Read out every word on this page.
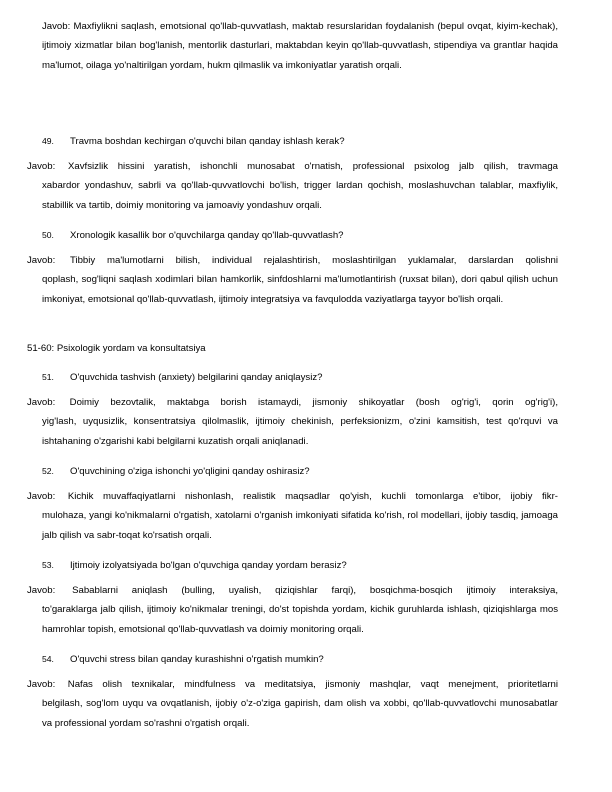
Javob: Maxfiylikni saqlash, emotsional qo'llab-quvvatlash, maktab resurslaridan foydalanish (bepul ovqat, kiyim-kechak), ijtimoiy xizmatlar bilan bog'lanish, mentorlik dasturlari, maktabdan keyin qo'llab-quvvatlash, stipendiya va grantlar haqida ma'lumot, oilaga yo'naltirilgan yordam, hukm qilmaslik va imkoniyatlar yaratish orqali.
49. Travma boshdan kechirgan o'quvchi bilan qanday ishlash kerak?
Javob: Xavfsizlik hissini yaratish, ishonchli munosabat o'rnatish, professional psixolog jalb qilish, travmaga
xabardor yondashuv, sabrli va qo'llab-quvvatlovchi bo'lish, trigger lardan qochish, moslashuvchan talablar, maxfiylik, stabillik va tartib, doimiy monitoring va jamoaviy yondashuv orqali.
50. Xronologik kasallik bor o'quvchilarga qanday qo'llab-quvvatlash?
Javob: Tibbiy ma'lumotlarni bilish, individual rejalashtirish, moslashtirilgan yuklamalar, darslardan qolishni
qoplash, sog'liqni saqlash xodimlari bilan hamkorlik, sinfdoshlarni ma'lumotlantirish (ruxsat bilan), dori qabul qilish uchun imkoniyat, emotsional qo'llab-quvvatlash, ijtimoiy integratsiya va favqulodda vaziyatlarga tayyor bo'lish orqali.
51-60: Psixologik yordam va konsultatsiya
51. O'quvchida tashvish (anxiety) belgilarini qanday aniqlaysiz?
Javob: Doimiy bezovtalik, maktabga borish istamaydi, jismoniy shikoyatlar (bosh og'rig'i, qorin og'rig'i),
yig'lash, uyqusizlik, konsentratsiya qilolmaslik, ijtimoiy chekinish, perfeksionizm, o'zini kamsitish, test qo'rquvi va ishtahaning o'zgarishi kabi belgilarni kuzatish orqali aniqlanadi.
52. O'quvchining o'ziga ishonchi yo'qligini qanday oshirasiz?
Javob: Kichik muvaffaqiyatlarni nishonlash, realistik maqsadlar qo'yish, kuchli tomonlarga e'tibor, ijobiy fikr-
mulohaza, yangi ko'nikmalarni o'rgatish, xatolarni o'rganish imkoniyati sifatida ko'rish, rol modellari, ijobiy tasdiq, jamoaga jalb qilish va sabr-toqat ko'rsatish orqali.
53. Ijtimoiy izolyatsiyada bo'lgan o'quvchiga qanday yordam berasiz?
Javob: Sabablarni aniqlash (bulling, uyalish, qiziqishlar farqi), bosqichma-bosqich ijtimoiy interaksiya,
to'garaklarga jalb qilish, ijtimoiy ko'nikmalar treningi, do'st topishda yordam, kichik guruhlarda ishlash, qiziqishlarga mos hamrohlar topish, emotsional qo'llab-quvvatlash va doimiy monitoring orqali.
54. O'quvchi stress bilan qanday kurashishni o'rgatish mumkin?
Javob: Nafas olish texnikalar, mindfulness va meditatsiya, jismoniy mashqlar, vaqt menejment, prioritetlarni
belgilash, sog'lom uyqu va ovqatlanish, ijobiy o'z-o'ziga gapirish, dam olish va xobbi, qo'llab-quvvatlovchi munosabatlar va professional yordam so'rashni o'rgatish orqali.
